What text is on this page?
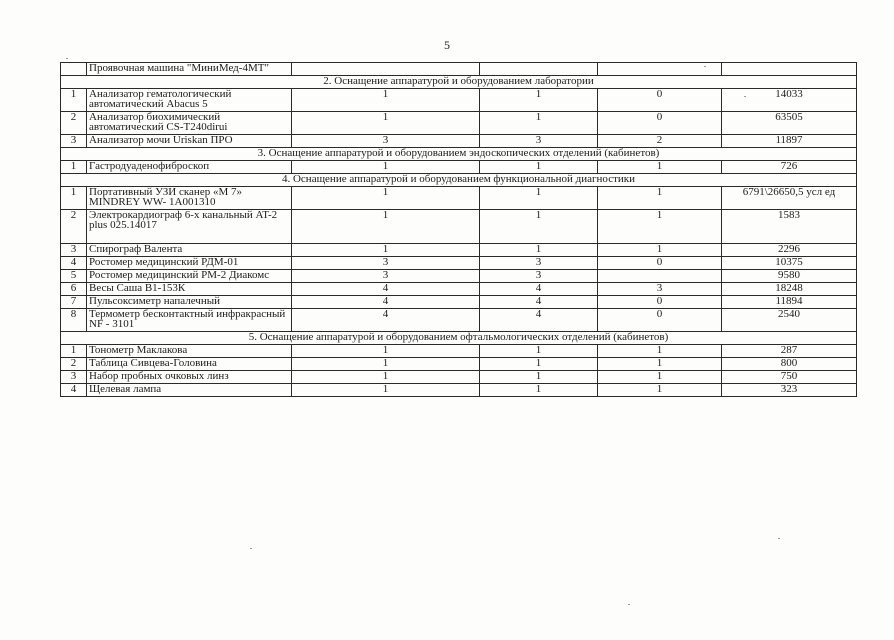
5
	Проявочная машина "МиниМед-4МТ"				
2. Оснащение аппаратурой и оборудованием лаборатории					
1	Анализатор гематологический автоматический Abacus 5	1	1	0	14033
2	Анализатор биохимический автоматический CS-T240dirui	1	1	0	63505
3	Анализатор мочи Uriskan ПРО	3	3	2	11897
3. Оснащение аппаратурой и оборудованием эндоскопических отделений (кабинетов)					
1	Гастродуаденофиброскоп	1	1	1	726
4. Оснащение аппаратурой и оборудованием функциональной диагностики					
1	Портативный УЗИ сканер «М 7» MINDREY WW- 1A001310	1	1	1	6791\26650,5 усл ед
2	Электрокардиограф 6-х канальный AT-2 plus 025.14017	1	1	1	1583
3	Спирограф Валента	1	1	1	2296
4	Ростомер медицинский РДМ-01	3	3	0	10375
5	Ростомер медицинский РМ-2 Диакомс	3	3		9580
6	Весы Саша В1-153К	4	4	3	18248
7	Пульсоксиметр напалечный	4	4	0	11894
8	Термометр бесконтактный инфракрасный NF - 3101	4	4	0	2540
5. Оснащение аппаратурой и оборудованием офтальмологических отделений (кабинетов)					
1	Тонометр Маклакова	1	1	1	287
2	Таблица Сивцева-Головина	1	1	1	800
3	Набор пробных очковых линз	1	1	1	750
4	Щелевая лампа	1	1	1	323
